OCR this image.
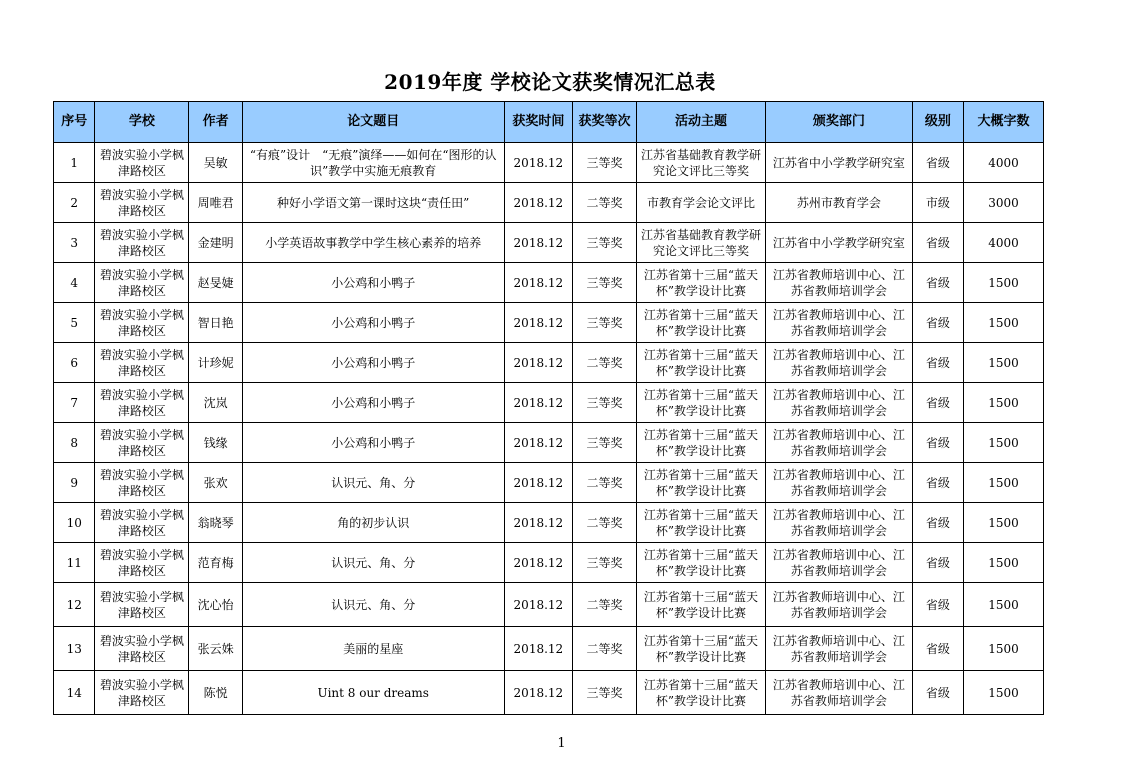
2019年度 学校论文获奖情况汇总表
序号	学校	作者	论文题目	获奖时间	获奖等次	活动主题	颁奖部门	级别	大概字数
1	碧波实验小学枫津路校区	吴敏	“有痕”设计　“无痕”演绎——如何在“图形的认识”教学中实施无痕教育	2018.12	三等奖	江苏省基础教育教学研究论文评比三等奖	江苏省中小学教学研究室	省级	4000
2	碧波实验小学枫津路校区	周唯君	种好小学语文第一课时这块“责任田”	2018.12	二等奖	市教育学会论文评比	苏州市教育学会	市级	3000
3	碧波实验小学枫津路校区	金建明	小学英语故事教学中学生核心素养的培养	2018.12	三等奖	江苏省基础教育教学研究论文评比三等奖	江苏省中小学教学研究室	省级	4000
4	碧波实验小学枫津路校区	赵旻婕	小公鸡和小鸭子	2018.12	三等奖	江苏省第十三届“蓝天杯”教学设计比赛	江苏省教师培训中心、江苏省教师培训学会	省级	1500
5	碧波实验小学枫津路校区	智日艳	小公鸡和小鸭子	2018.12	三等奖	江苏省第十三届“蓝天杯”教学设计比赛	江苏省教师培训中心、江苏省教师培训学会	省级	1500
6	碧波实验小学枫津路校区	计珍妮	小公鸡和小鸭子	2018.12	二等奖	江苏省第十三届“蓝天杯”教学设计比赛	江苏省教师培训中心、江苏省教师培训学会	省级	1500
7	碧波实验小学枫津路校区	沈岚	小公鸡和小鸭子	2018.12	三等奖	江苏省第十三届“蓝天杯”教学设计比赛	江苏省教师培训中心、江苏省教师培训学会	省级	1500
8	碧波实验小学枫津路校区	钱缘	小公鸡和小鸭子	2018.12	三等奖	江苏省第十三届“蓝天杯”教学设计比赛	江苏省教师培训中心、江苏省教师培训学会	省级	1500
9	碧波实验小学枫津路校区	张欢	认识元、角、分	2018.12	二等奖	江苏省第十三届“蓝天杯”教学设计比赛	江苏省教师培训中心、江苏省教师培训学会	省级	1500
10	碧波实验小学枫津路校区	翁晓琴	角的初步认识	2018.12	二等奖	江苏省第十三届“蓝天杯”教学设计比赛	江苏省教师培训中心、江苏省教师培训学会	省级	1500
11	碧波实验小学枫津路校区	范育梅	认识元、角、分	2018.12	三等奖	江苏省第十三届“蓝天杯”教学设计比赛	江苏省教师培训中心、江苏省教师培训学会	省级	1500
12	碧波实验小学枫津路校区	沈心怡	认识元、角、分	2018.12	二等奖	江苏省第十三届“蓝天杯”教学设计比赛	江苏省教师培训中心、江苏省教师培训学会	省级	1500
13	碧波实验小学枫津路校区	张云姝	美丽的星座	2018.12	二等奖	江苏省第十三届“蓝天杯”教学设计比赛	江苏省教师培训中心、江苏省教师培训学会	省级	1500
14	碧波实验小学枫津路校区	陈悦	Uint 8 our dreams	2018.12	三等奖	江苏省第十三届“蓝天杯”教学设计比赛	江苏省教师培训中心、江苏省教师培训学会	省级	1500
1
